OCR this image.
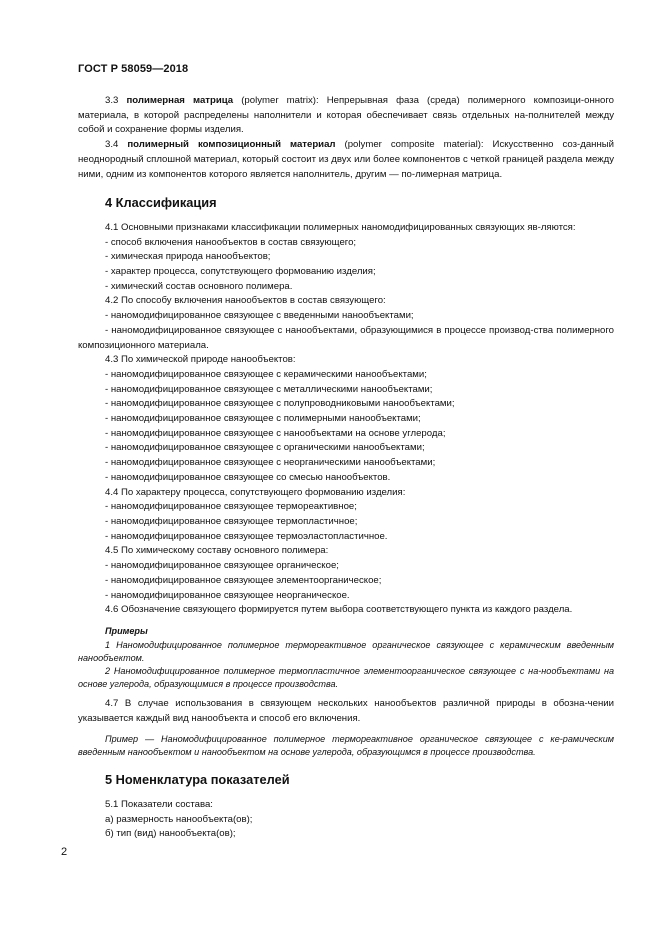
ГОСТ Р 58059—2018

3.3 полимерная матрица (polymer matrix): Непрерывная фаза (среда) полимерного композици-онного материала, в которой распределены наполнители и которая обеспечивает связь отдельных на-полнителей между собой и сохранение формы изделия.

3.4 полимерный композиционный материал (polymer composite material): Искусственно соз-данный неоднородный сплошной материал, который состоит из двух или более компонентов с четкой границей раздела между ними, одним из компонентов которого является наполнитель, другим — по-лимерная матрица.

4 Классификация

4.1 Основными признаками классификации полимерных наномодифицированных связующих яв-ляются:

- способ включения нанообъектов в состав связующего;

- химическая природа нанообъектов;

- характер процесса, сопутствующего формованию изделия;

- химический состав основного полимера.

4.2 По способу включения нанообъектов в состав связующего:

- наномодифицированное связующее с введенными нанообъектами;

- наномодифицированное связующее с нанообъектами, образующимися в процессе производ-ства полимерного композиционного материала.

4.3 По химической природе нанообъектов:

- наномодифицированное связующее с керамическими нанообъектами;

- наномодифицированное связующее с металлическими нанообъектами;

- наномодифицированное связующее с полупроводниковыми нанообъектами;

- наномодифицированное связующее с полимерными нанообъектами;

- наномодифицированное связующее с нанообъектами на основе углерода;

- наномодифицированное связующее с органическими нанообъектами;

- наномодифицированное связующее с неорганическими нанообъектами;

- наномодифицированное связующее со смесью нанообъектов.

4.4 По характеру процесса, сопутствующего формованию изделия:

- наномодифицированное связующее термореактивное;

- наномодифицированное связующее термопластичное;

- наномодифицированное связующее термоэластопластичное.

4.5 По химическому составу основного полимера:

- наномодифицированное связующее органическое;

- наномодифицированное связующее элементоорганическое;

- наномодифицированное связующее неорганическое.

4.6 Обозначение связующего формируется путем выбора соответствующего пункта из каждого раздела.

Примеры

1 Наномодифицированное полимерное термореактивное органическое связующее с керамическим введенным нанообъектом.

2 Наномодифицированное полимерное термопластичное элементоорганическое связующее с на-нообъектами на основе углерода, образующимися в процессе производства.

4.7 В случае использования в связующем нескольких нанообъектов различной природы в обозна-чении указывается каждый вид нанообъекта и способ его включения.

Пример — Наномодифицированное полимерное термореактивное органическое связующее с ке-рамическим введенным нанообъектом и нанообъектом на основе углерода, образующимся в процессе производства.

5 Номенклатура показателей

5.1 Показатели состава:

а) размерность нанообъекта(ов);

б) тип (вид) нанообъекта(ов);

2
